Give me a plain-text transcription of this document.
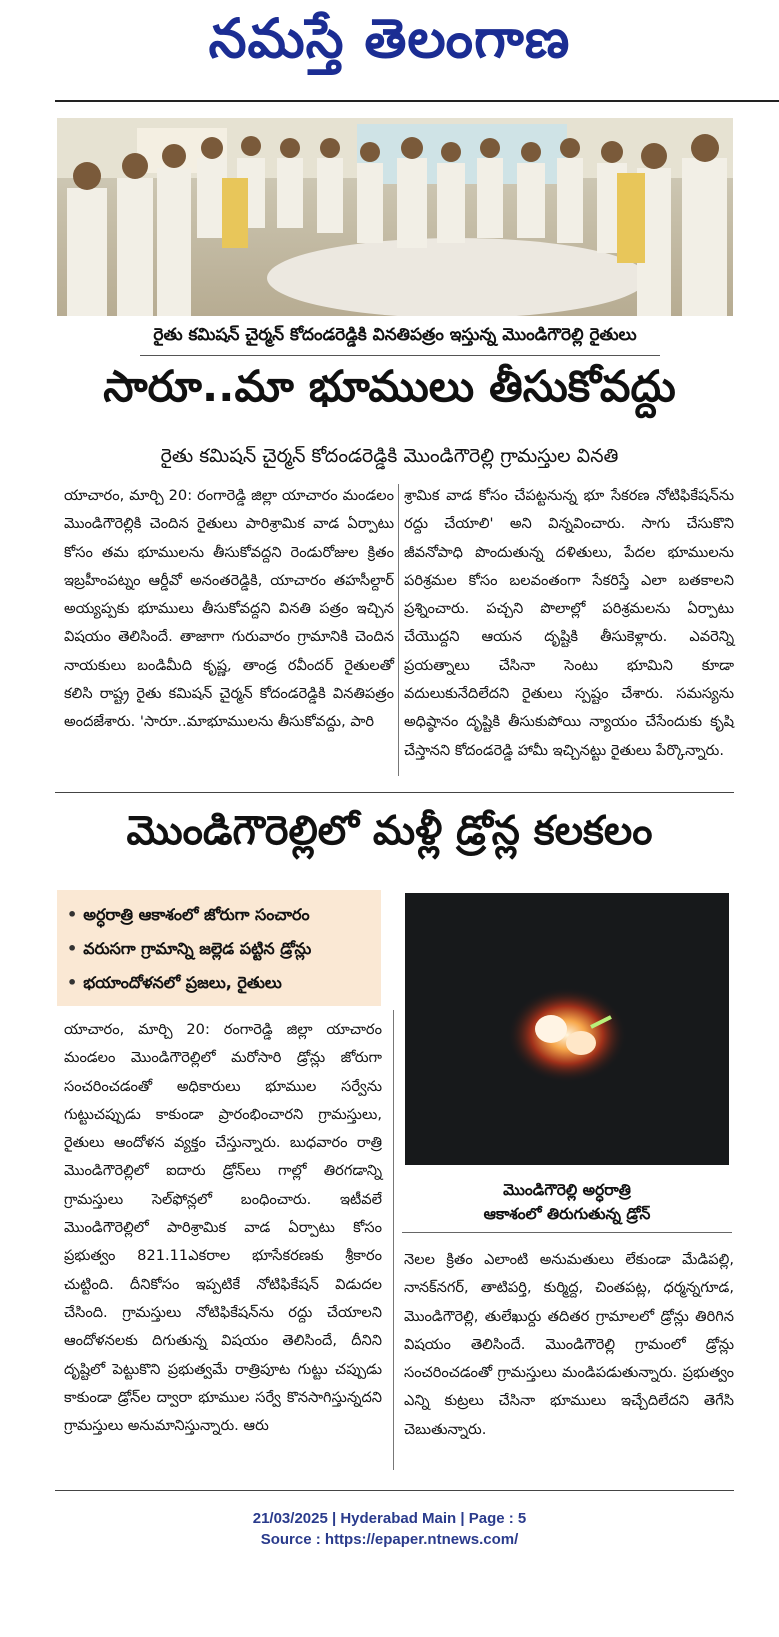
నమస్తే తెలంగాణ
రైతు కమిషన్ చైర్మన్ కోదండరెడ్డికి వినతిపత్రం ఇస్తున్న మొండిగౌరెల్లి రైతులు
సారూ..మా భూములు తీసుకోవద్దు
రైతు కమిషన్ చైర్మన్ కోదండరెడ్డికి మొండిగౌరెల్లి గ్రామస్తుల వినతి
యాచారం, మార్చి 20: రంగారెడ్డి జిల్లా యాచారం మండలం మొండిగౌరెల్లికి చెందిన రైతులు పారిశ్రామిక వాడ ఏర్పాటు కోసం తమ భూములను తీసుకోవద్దని రెండురోజుల క్రితం ఇబ్రహీంపట్నం ఆర్డీవో అనంతరెడ్డికి, యాచారం తహసీల్దార్ అయ్యప్పకు భూములు తీసుకోవద్దని వినతి పత్రం ఇచ్చిన విషయం తెలిసిందే. తాజాగా గురువారం గ్రామానికి చెందిన నాయకులు బండిమీది కృష్ణ, తాండ్ర రవీందర్ రైతులతో కలిసి రాష్ట్ర రైతు కమిషన్ చైర్మన్ కోదండరెడ్డికి వినతిపత్రం అందజేశారు. 'సారూ..మాభూములను తీసుకోవద్దు, పారి
శ్రామిక వాడ కోసం చేపట్టనున్న భూ సేకరణ నోటిఫికేషన్‌ను రద్దు చేయాలి' అని విన్నవించారు. సాగు చేసుకొని జీవనోపాధి పొందుతున్న దళితులు, పేదల భూములను పరిశ్రమల కోసం బలవంతంగా సేకరిస్తే ఎలా బతకాలని ప్రశ్నించారు. పచ్చని పొలాల్లో పరిశ్రమలను ఏర్పాటు చేయొద్దని ఆయన దృష్టికి తీసుకెళ్లారు. ఎవరెన్ని ప్రయత్నాలు చేసినా సెంటు భూమిని కూడా వదులుకునేదిలేదని రైతులు స్పష్టం చేశారు. సమస్యను అధిష్ఠానం దృష్టికి తీసుకుపోయి న్యాయం చేసేందుకు కృషి చేస్తానని కోదండరెడ్డి హామీ ఇచ్చినట్టు రైతులు పేర్కొన్నారు.
మొండిగౌరెల్లిలో మళ్లీ డ్రోన్ల కలకలం
• అర్ధరాత్రి ఆకాశంలో జోరుగా సంచారం
• వరుసగా గ్రామాన్ని జల్లెడ పట్టిన డ్రోన్లు
• భయాందోళనలో ప్రజలు, రైతులు
మొండిగౌరెల్లి అర్ధరాత్రి
ఆకాశంలో తిరుగుతున్న డ్రోన్
యాచారం, మార్చి 20: రంగారెడ్డి జిల్లా యాచారం మండలం మొండిగౌరెల్లిలో మరోసారి డ్రోన్లు జోరుగా సంచరించడంతో అధికారులు భూముల సర్వేను గుట్టుచప్పుడు కాకుండా ప్రారంభించారని గ్రామస్తులు, రైతులు ఆందోళన వ్యక్తం చేస్తున్నారు. బుధవారం రాత్రి మొండిగౌరెల్లిలో ఐదారు డ్రోన్‌లు గాల్లో తిరగడాన్ని గ్రామస్తులు సెల్‌ఫోన్లలో బంధించారు. ఇటీవలే మొండిగౌరెల్లిలో పారిశ్రామిక వాడ ఏర్పాటు కోసం ప్రభుత్వం 821.11ఎకరాల భూసేకరణకు శ్రీకారం చుట్టింది. దీనికోసం ఇప్పటికే నోటిఫికేషన్ విడుదల చేసింది. గ్రామస్తులు నోటిఫికేషన్‌ను రద్దు చేయాలని ఆందోళనలకు దిగుతున్న విషయం తెలిసిందే, దీనిని దృష్టిలో పెట్టుకొని ప్రభుత్వమే రాత్రిపూట గుట్టు చప్పుడు కాకుండా డ్రోన్‌ల ద్వారా భూముల సర్వే కొనసాగిస్తున్నదని గ్రామస్తులు అనుమానిస్తున్నారు. ఆరు
నెలల క్రితం ఎలాంటి అనుమతులు లేకుండా మేడిపల్లి, నానక్‌నగర్, తాటిపర్తి, కుర్మిద్ద, చింతపట్ల, ధర్మన్నగూడ, మొండిగౌరెల్లి, తులేఖుర్దు తదితర గ్రామాలలో డ్రోన్లు తిరిగిన విషయం తెలిసిందే. మొండిగౌరెల్లి గ్రామంలో డ్రోన్లు సంచరించడంతో గ్రామస్తులు మండిపడుతున్నారు. ప్రభుత్వం ఎన్ని కుట్రలు చేసినా భూములు ఇచ్చేదిలేదని తెగేసి చెబుతున్నారు.
21/03/2025 | Hyderabad Main | Page : 5
Source : https://epaper.ntnews.com/
